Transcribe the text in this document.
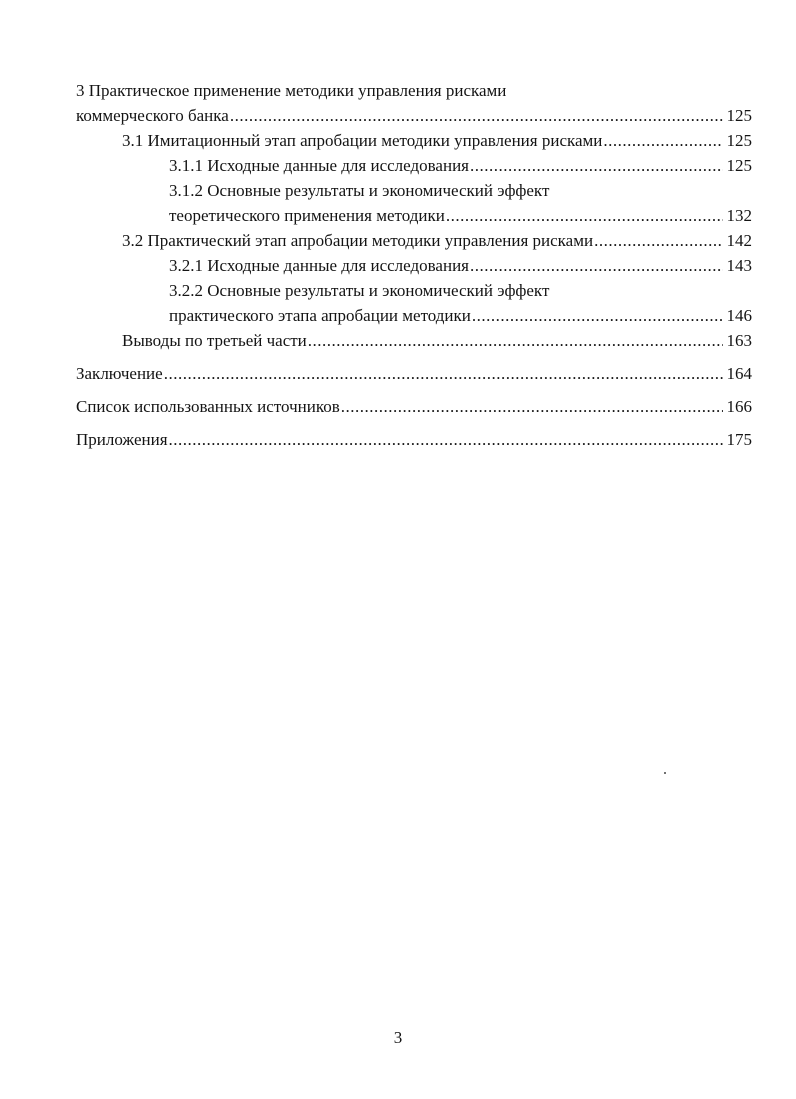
3 Практическое применение методики управления рисками
коммерческого банка .....	125
3.1 Имитационный этап апробации методики управления рисками .....	125
3.1.1 Исходные данные для исследования .....	125
3.1.2 Основные результаты и экономический эффект
теоретического применения методики .....	132
3.2 Практический этап апробации методики управления рисками .....	142
3.2.1 Исходные данные для исследования .....	143
3.2.2 Основные результаты и экономический эффект
практического этапа апробации методики .....	146
Выводы по третьей части .....	163
Заключение .....	164
Список использованных источников .....	166
Приложения .....	175
3
